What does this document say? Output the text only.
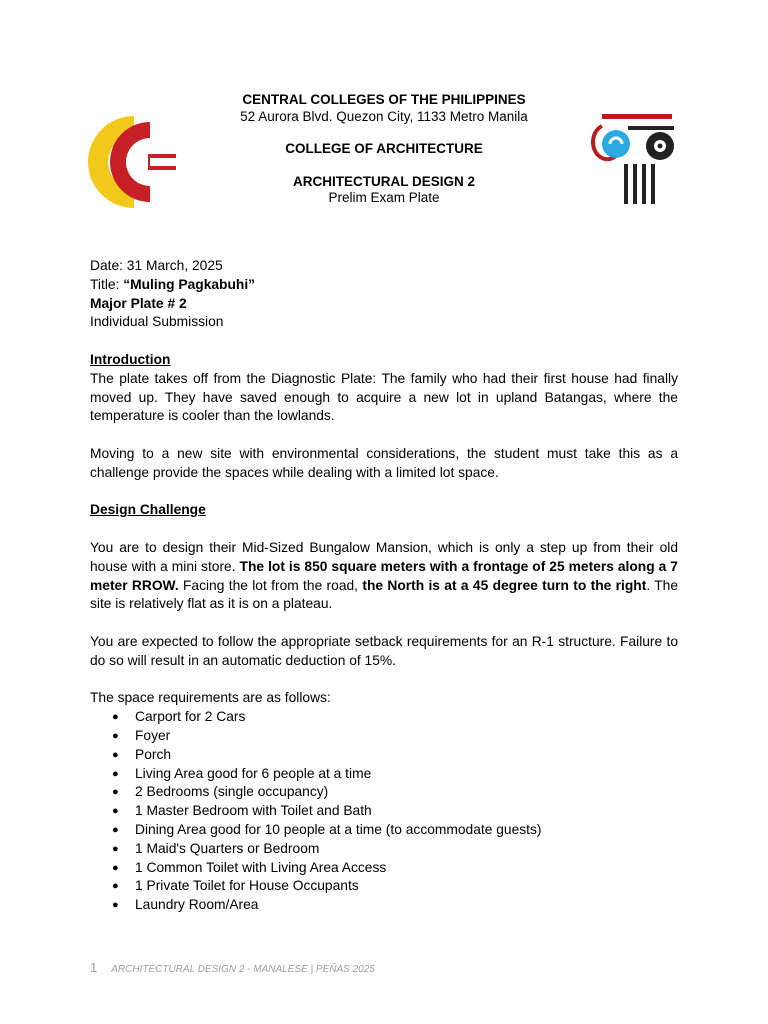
CENTRAL COLLEGES OF THE PHILIPPINES
52 Aurora Blvd. Quezon City, 1133 Metro Manila
COLLEGE OF ARCHITECTURE
ARCHITECTURAL DESIGN 2
Prelim Exam Plate

Date: 31 March, 2025

Title: “Muling Pagkabuhi”

Major Plate # 2

Individual Submission

Introduction

The plate takes off from the Diagnostic Plate: The family who had their first house had finally moved up. They have saved enough to acquire a new lot in upland Batangas, where the temperature is cooler than the lowlands.

Moving to a new site with environmental considerations, the student must take this as a challenge provide the spaces while dealing with a limited lot space.

Design Challenge

You are to design their Mid-Sized Bungalow Mansion, which is only a step up from their old house with a mini store. The lot is 850 square meters with a frontage of 25 meters along a 7 meter RROW. Facing the lot from the road, the North is at a 45 degree turn to the right. The site is relatively flat as it is on a plateau.

You are expected to follow the appropriate setback requirements for an R-1 structure. Failure to do so will result in an automatic deduction of 15%.

The space requirements are as follows:

● Carport for 2 Cars
● Foyer
● Porch
● Living Area good for 6 people at a time
● 2 Bedrooms (single occupancy)
● 1 Master Bedroom with Toilet and Bath
● Dining Area good for 10 people at a time (to accommodate guests)
● 1 Maid's Quarters or Bedroom
● 1 Common Toilet with Living Area Access
● 1 Private Toilet for House Occupants
● Laundry Room/Area
1 ARCHITECTURAL DESIGN 2 - MANALESE | PEÑAS 2025
